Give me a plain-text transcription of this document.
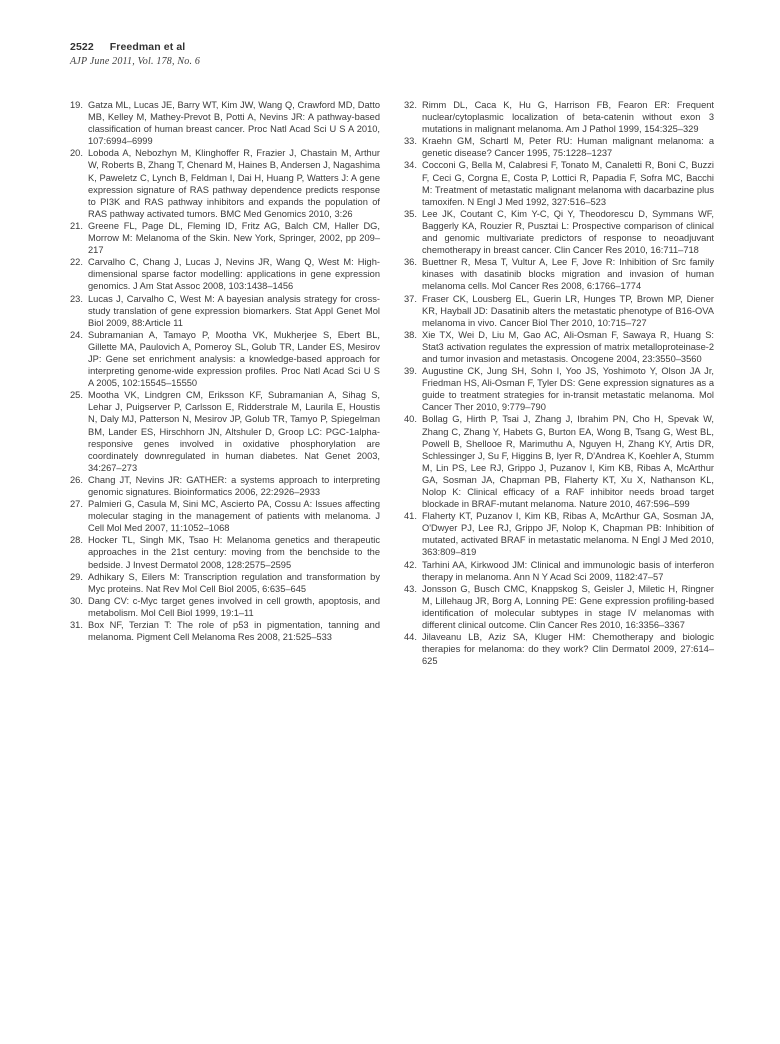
2522 Freedman et al
AJP June 2011, Vol. 178, No. 6
19. Gatza ML, Lucas JE, Barry WT, Kim JW, Wang Q, Crawford MD, Datto MB, Kelley M, Mathey-Prevot B, Potti A, Nevins JR: A pathway-based classification of human breast cancer. Proc Natl Acad Sci U S A 2010, 107:6994–6999
20. Loboda A, Nebozhyn M, Klinghoffer R, Frazier J, Chastain M, Arthur W, Roberts B, Zhang T, Chenard M, Haines B, Andersen J, Nagashima K, Paweletz C, Lynch B, Feldman I, Dai H, Huang P, Watters J: A gene expression signature of RAS pathway dependence predicts response to PI3K and RAS pathway inhibitors and expands the population of RAS pathway activated tumors. BMC Med Genomics 2010, 3:26
21. Greene FL, Page DL, Fleming ID, Fritz AG, Balch CM, Haller DG, Morrow M: Melanoma of the Skin. New York, Springer, 2002, pp 209–217
22. Carvalho C, Chang J, Lucas J, Nevins JR, Wang Q, West M: High-dimensional sparse factor modelling: applications in gene expression genomics. J Am Stat Assoc 2008, 103:1438–1456
23. Lucas J, Carvalho C, West M: A bayesian analysis strategy for cross-study translation of gene expression biomarkers. Stat Appl Genet Mol Biol 2009, 88:Article 11
24. Subramanian A, Tamayo P, Mootha VK, Mukherjee S, Ebert BL, Gillette MA, Paulovich A, Pomeroy SL, Golub TR, Lander ES, Mesirov JP: Gene set enrichment analysis: a knowledge-based approach for interpreting genome-wide expression profiles. Proc Natl Acad Sci U S A 2005, 102:15545–15550
25. Mootha VK, Lindgren CM, Eriksson KF, Subramanian A, Sihag S, Lehar J, Puigserver P, Carlsson E, Ridderstrale M, Laurila E, Houstis N, Daly MJ, Patterson N, Mesirov JP, Golub TR, Tamyo P, Spiegelman BM, Lander ES, Hirschhorn JN, Altshuler D, Groop LC: PGC-1alpha-responsive genes involved in oxidative phosphorylation are coordinately downregulated in human diabetes. Nat Genet 2003, 34:267–273
26. Chang JT, Nevins JR: GATHER: a systems approach to interpreting genomic signatures. Bioinformatics 2006, 22:2926–2933
27. Palmieri G, Casula M, Sini MC, Ascierto PA, Cossu A: Issues affecting molecular staging in the management of patients with melanoma. J Cell Mol Med 2007, 11:1052–1068
28. Hocker TL, Singh MK, Tsao H: Melanoma genetics and therapeutic approaches in the 21st century: moving from the benchside to the bedside. J Invest Dermatol 2008, 128:2575–2595
29. Adhikary S, Eilers M: Transcription regulation and transformation by Myc proteins. Nat Rev Mol Cell Biol 2005, 6:635–645
30. Dang CV: c-Myc target genes involved in cell growth, apoptosis, and metabolism. Mol Cell Biol 1999, 19:1–11
31. Box NF, Terzian T: The role of p53 in pigmentation, tanning and melanoma. Pigment Cell Melanoma Res 2008, 21:525–533
32. Rimm DL, Caca K, Hu G, Harrison FB, Fearon ER: Frequent nuclear/cytoplasmic localization of beta-catenin without exon 3 mutations in malignant melanoma. Am J Pathol 1999, 154:325–329
33. Kraehn GM, Schartl M, Peter RU: Human malignant melanoma: a genetic disease? Cancer 1995, 75:1228–1237
34. Cocconi G, Bella M, Calabresi F, Tonato M, Canaletti R, Boni C, Buzzi F, Ceci G, Corgna E, Costa P, Lottici R, Papadia F, Sofra MC, Bacchi M: Treatment of metastatic malignant melanoma with dacarbazine plus tamoxifen. N Engl J Med 1992, 327:516–523
35. Lee JK, Coutant C, Kim Y-C, Qi Y, Theodorescu D, Symmans WF, Baggerly KA, Rouzier R, Pusztai L: Prospective comparison of clinical and genomic multivariate predictors of response to neoadjuvant chemotherapy in breast cancer. Clin Cancer Res 2010, 16:711–718
36. Buettner R, Mesa T, Vultur A, Lee F, Jove R: Inhibition of Src family kinases with dasatinib blocks migration and invasion of human melanoma cells. Mol Cancer Res 2008, 6:1766–1774
37. Fraser CK, Lousberg EL, Guerin LR, Hunges TP, Brown MP, Diener KR, Hayball JD: Dasatinib alters the metastatic phenotype of B16-OVA melanoma in vivo. Cancer Biol Ther 2010, 10:715–727
38. Xie TX, Wei D, Liu M, Gao AC, Ali-Osman F, Sawaya R, Huang S: Stat3 activation regulates the expression of matrix metalloproteinase-2 and tumor invasion and metastasis. Oncogene 2004, 23:3550–3560
39. Augustine CK, Jung SH, Sohn I, Yoo JS, Yoshimoto Y, Olson JA Jr, Friedman HS, Ali-Osman F, Tyler DS: Gene expression signatures as a guide to treatment strategies for in-transit metastatic melanoma. Mol Cancer Ther 2010, 9:779–790
40. Bollag G, Hirth P, Tsai J, Zhang J, Ibrahim PN, Cho H, Spevak W, Zhang C, Zhang Y, Habets G, Burton EA, Wong B, Tsang G, West BL, Powell B, Shellooe R, Marimuthu A, Nguyen H, Zhang KY, Artis DR, Schlessinger J, Su F, Higgins B, Iyer R, D'Andrea K, Koehler A, Stumm M, Lin PS, Lee RJ, Grippo J, Puzanov I, Kim KB, Ribas A, McArthur GA, Sosman JA, Chapman PB, Flaherty KT, Xu X, Nathanson KL, Nolop K: Clinical efficacy of a RAF inhibitor needs broad target blockade in BRAF-mutant melanoma. Nature 2010, 467:596–599
41. Flaherty KT, Puzanov I, Kim KB, Ribas A, McArthur GA, Sosman JA, O'Dwyer PJ, Lee RJ, Grippo JF, Nolop K, Chapman PB: Inhibition of mutated, activated BRAF in metastatic melanoma. N Engl J Med 2010, 363:809–819
42. Tarhini AA, Kirkwood JM: Clinical and immunologic basis of interferon therapy in melanoma. Ann N Y Acad Sci 2009, 1182:47–57
43. Jonsson G, Busch CMC, Knappskog S, Geisler J, Miletic H, Ringner M, Lillehaug JR, Borg A, Lonning PE: Gene expression profiling-based identification of molecular subtypes in stage IV melanomas with different clinical outcome. Clin Cancer Res 2010, 16:3356–3367
44. Jilaveanu LB, Aziz SA, Kluger HM: Chemotherapy and biologic therapies for melanoma: do they work? Clin Dermatol 2009, 27:614–625
